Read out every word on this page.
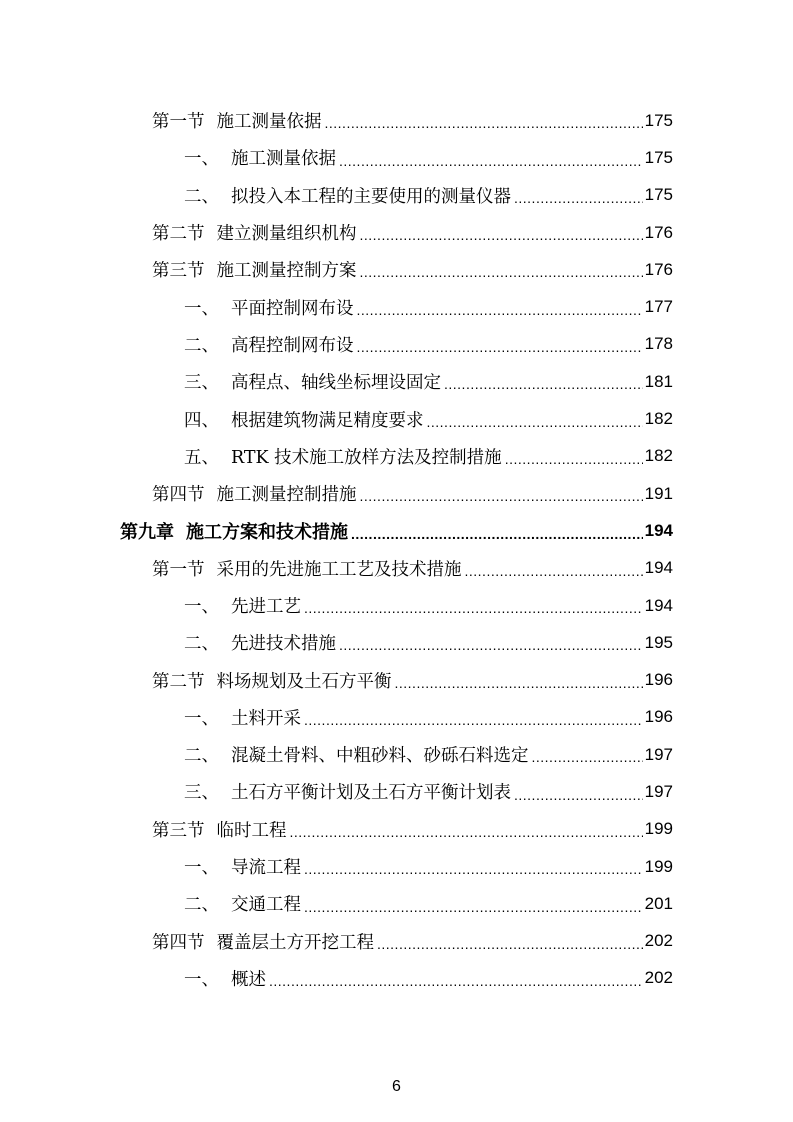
第一节 施工测量依据 .....	175
一、 施工测量依据 .....	175
二、 拟投入本工程的主要使用的测量仪器 .....	175
第二节 建立测量组织机构 .....	176
第三节 施工测量控制方案 .....	176
一、 平面控制网布设 .....	177
二、 高程控制网布设 .....	178
三、 高程点、轴线坐标埋设固定 .....	181
四、 根据建筑物满足精度要求 .....	182
五、 RTK 技术施工放样方法及控制措施 .....	182
第四节 施工测量控制措施 .....	191
第九章 施工方案和技术措施 .....	194
第一节 采用的先进施工工艺及技术措施 .....	194
一、 先进工艺 .....	194
二、 先进技术措施 .....	195
第二节 料场规划及土石方平衡 .....	196
一、 土料开采 .....	196
二、 混凝土骨料、中粗砂料、砂砾石料选定 .....	197
三、 土石方平衡计划及土石方平衡计划表 .....	197
第三节 临时工程 .....	199
一、 导流工程 .....	199
二、 交通工程 .....	201
第四节 覆盖层土方开挖工程 .....	202
一、 概述 .....	202
6
